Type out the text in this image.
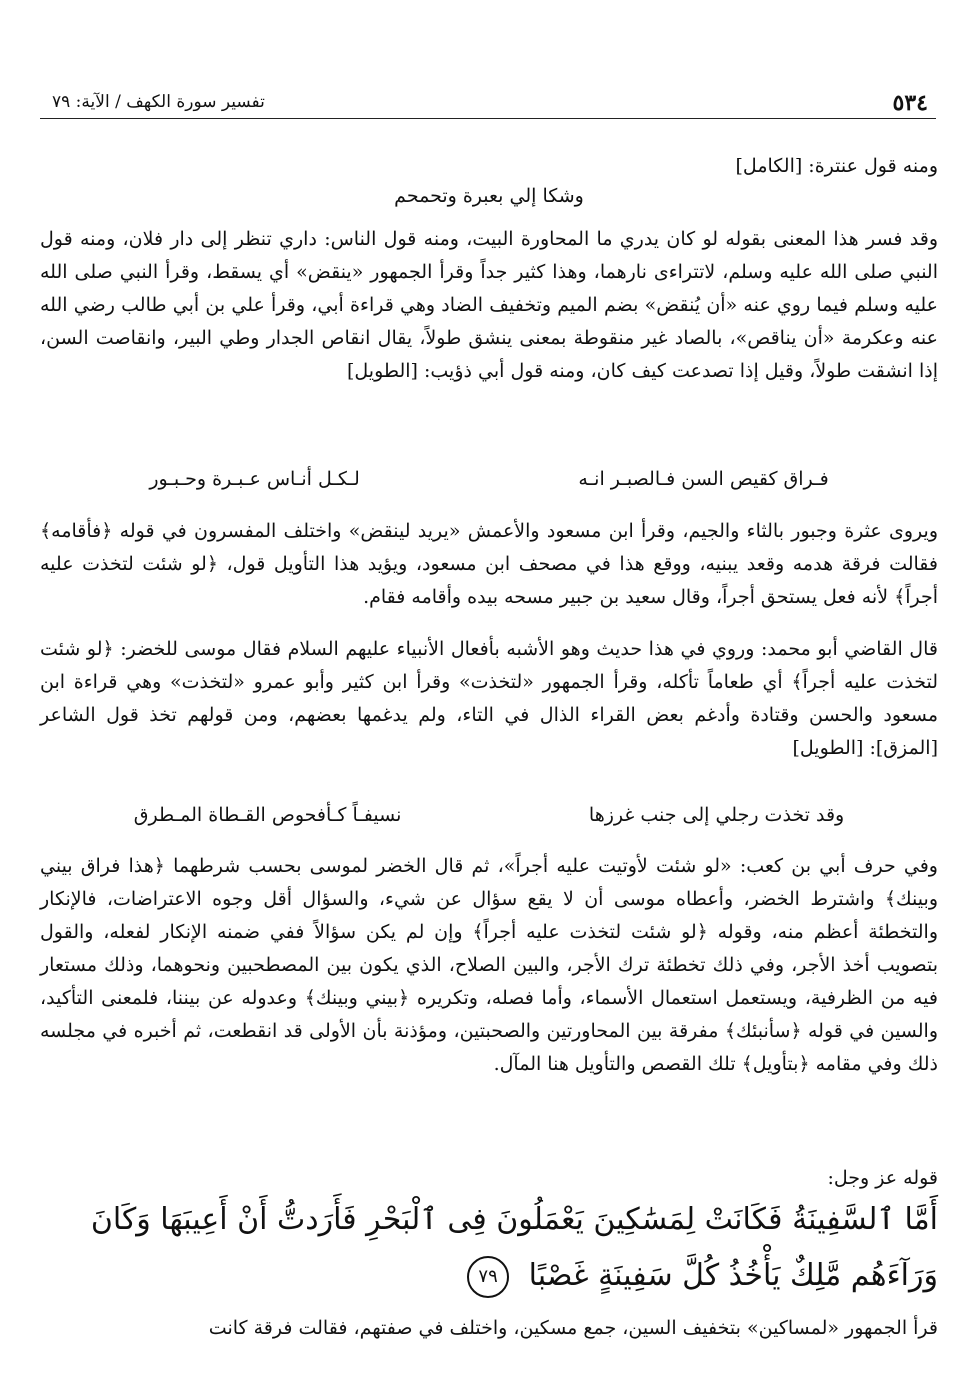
٥٣٤
تفسير سورة الكهف / الآية: ٧٩
ومنه قول عنترة: [الكامل]
وشكا إلي بعبرة وتحمحم
وقد فسر هذا المعنى بقوله لو كان يدري ما المحاورة البيت، ومنه قول الناس: داري تنظر إلى دار فلان، ومنه قول النبي صلى الله عليه وسلم، لاتتراءى نارهما، وهذا كثير جداً وقرأ الجمهور «ينقض» أي يسقط، وقرأ النبي صلى الله عليه وسلم فيما روي عنه «أن يُنقض» بضم الميم وتخفيف الضاد وهي قراءة أبي، وقرأ علي بن أبي طالب رضي الله عنه وعكرمة «أن يناقص»، بالصاد غير منقوطة بمعنى ينشق طولاً، يقال انقاص الجدار وطي البير، وانقاصت السن، إذا انشقت طولاً، وقيل إذا تصدعت كيف كان، ومنه قول أبي ذؤيب: [الطويل]
فـراق كقيص السن فـالصبـر انـه
لـكـل أنـاس عـبـرة وحـبـور
ويروى عثرة وجبور بالثاء والجيم، وقرأ ابن مسعود والأعمش «يريد لينقض» واختلف المفسرون في قوله ﴿فأقامه﴾ فقالت فرقة هدمه وقعد يبنيه، ووقع هذا في مصحف ابن مسعود، ويؤيد هذا التأويل قول، ﴿لو شئت لتخذت عليه أجراً﴾ لأنه فعل يستحق أجراً، وقال سعيد بن جبير مسحه بيده وأقامه فقام.
قال القاضي أبو محمد: وروي في هذا حديث وهو الأشبه بأفعال الأنبياء عليهم السلام فقال موسى للخضر: ﴿لو شئت لتخذت عليه أجراً﴾ أي طعاماً تأكله، وقرأ الجمهور «لتخذت» وقرأ ابن كثير وأبو عمرو «لتخذت» وهي قراءة ابن مسعود والحسن وقتادة وأدغم بعض القراء الذال في التاء، ولم يدغمها بعضهم، ومن قولهم تخذ قول الشاعر [المزق]: [الطويل]
وقد تخذت رجلي إلى جنب غرزها
نسيفـاً كـأفحوص القـطاة المـطرق
وفي حرف أبي بن كعب: «لو شئت لأوتيت عليه أجراً»، ثم قال الخضر لموسى بحسب شرطهما ﴿هذا فراق بيني وبينك﴾ واشترط الخضر، وأعطاه موسى أن لا يقع سؤال عن شيء، والسؤال أقل وجوه الاعتراضات، فالإنكار والتخطئة أعظم منه، وقوله ﴿لو شئت لتخذت عليه أجراً﴾ وإن لم يكن سؤالاً ففي ضمنه الإنكار لفعله، والقول بتصويب أخذ الأجر، وفي ذلك تخطئة ترك الأجر، والبين الصلاح، الذي يكون بين المصطحبين ونحوهما، وذلك مستعار فيه من الظرفية، ويستعمل استعمال الأسماء، وأما فصله، وتكريره ﴿بيني وبينك﴾ وعدوله عن بيننا، فلمعنى التأكيد، والسين في قوله ﴿سأنبئك﴾ مفرقة بين المحاورتين والصحبتين، ومؤذنة بأن الأولى قد انقطعت، ثم أخبره في مجلسه ذلك وفي مقامه ﴿بتأويل﴾ تلك القصص والتأويل هنا المآل.
قوله عز وجل:
أَمَّا ٱلسَّفِينَةُ فَكَانَتْ لِمَسَٰكِينَ يَعْمَلُونَ فِى ٱلْبَحْرِ فَأَرَدتُّ أَنْ أَعِيبَهَا وَكَانَ وَرَآءَهُم مَّلِكٌ يَأْخُذُ كُلَّ سَفِينَةٍ غَصْبًا ٧٩
قرأ الجمهور «لمساكين» بتخفيف السين، جمع مسكين، واختلف في صفتهم، فقالت فرقة كانت
